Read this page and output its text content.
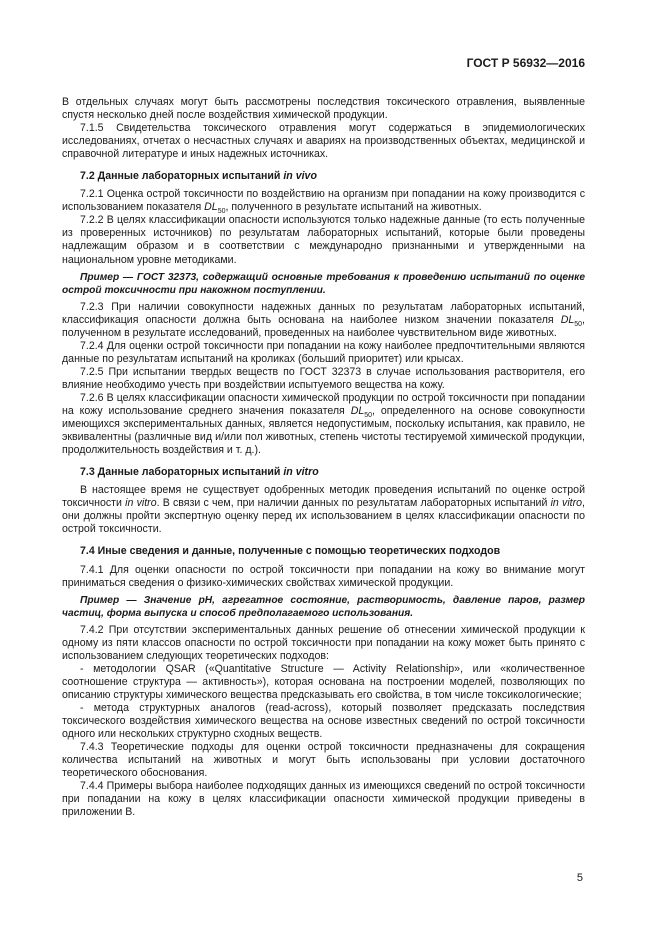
ГОСТ Р 56932—2016

В отдельных случаях могут быть рассмотрены последствия токсического отравления, выявленные спустя несколько дней после воздействия химической продукции.

7.1.5 Свидетельства токсического отравления могут содержаться в эпидемиологических исследованиях, отчетах о несчастных случаях и авариях на производственных объектах, медицинской и справочной литературе и иных надежных источниках.

7.2 Данные лабораторных испытаний in vivo

7.2.1 Оценка острой токсичности по воздействию на организм при попадании на кожу производится с использованием показателя $DL_{50}$, полученного в результате испытаний на животных.

7.2.2 В целях классификации опасности используются только надежные данные (то есть полученные из проверенных источников) по результатам лабораторных испытаний, которые были проведены надлежащим образом и в соответствии с международно признанными и утвержденными на национальном уровне методиками.

Пример — ГОСТ 32373, содержащий основные требования к проведению испытаний по оценке острой токсичности при накожном поступлении.

7.2.3 При наличии совокупности надежных данных по результатам лабораторных испытаний, классификация опасности должна быть основана на наиболее низком значении показателя $DL_{50}$, полученном в результате исследований, проведенных на наиболее чувствительном виде животных.

7.2.4 Для оценки острой токсичности при попадании на кожу наиболее предпочтительными являются данные по результатам испытаний на кроликах (больший приоритет) или крысах.

7.2.5 При испытании твердых веществ по ГОСТ 32373 в случае использования растворителя, его влияние необходимо учесть при воздействии испытуемого вещества на кожу.

7.2.6 В целях классификации опасности химической продукции по острой токсичности при попадании на кожу использование среднего значения показателя $DL_{50}$, определенного на основе совокупности имеющихся экспериментальных данных, является недопустимым, поскольку испытания, как правило, не эквивалентны (различные вид и/или пол животных, степень чистоты тестируемой химической продукции, продолжительность воздействия и т. д.).

7.3 Данные лабораторных испытаний in vitro

В настоящее время не существует одобренных методик проведения испытаний по оценке острой токсичности in vitro. В связи с чем, при наличии данных по результатам лабораторных испытаний in vitro, они должны пройти экспертную оценку перед их использованием в целях классификации опасности по острой токсичности.

7.4 Иные сведения и данные, полученные с помощью теоретических подходов

7.4.1 Для оценки опасности по острой токсичности при попадании на кожу во внимание могут приниматься сведения о физико-химических свойствах химической продукции.

Пример — Значение pH, агрегатное состояние, растворимость, давление паров, размер частиц, форма выпуска и способ предполагаемого использования.

7.4.2 При отсутствии экспериментальных данных решение об отнесении химической продукции к одному из пяти классов опасности по острой токсичности при попадании на кожу может быть принято с использованием следующих теоретических подходов:

- методологии QSAR («Quantitative Structure — Activity Relationship», или «количественное соотношение структура — активность»), которая основана на построении моделей, позволяющих по описанию структуры химического вещества предсказывать его свойства, в том числе токсикологические;

- метода структурных аналогов (read-across), который позволяет предсказать последствия токсического воздействия химического вещества на основе известных сведений по острой токсичности одного или нескольких структурно сходных веществ.

7.4.3 Теоретические подходы для оценки острой токсичности предназначены для сокращения количества испытаний на животных и могут быть использованы при условии достаточного теоретического обоснования.

7.4.4 Примеры выбора наиболее подходящих данных из имеющихся сведений по острой токсичности при попадании на кожу в целях классификации опасности химической продукции приведены в приложении В.

5
